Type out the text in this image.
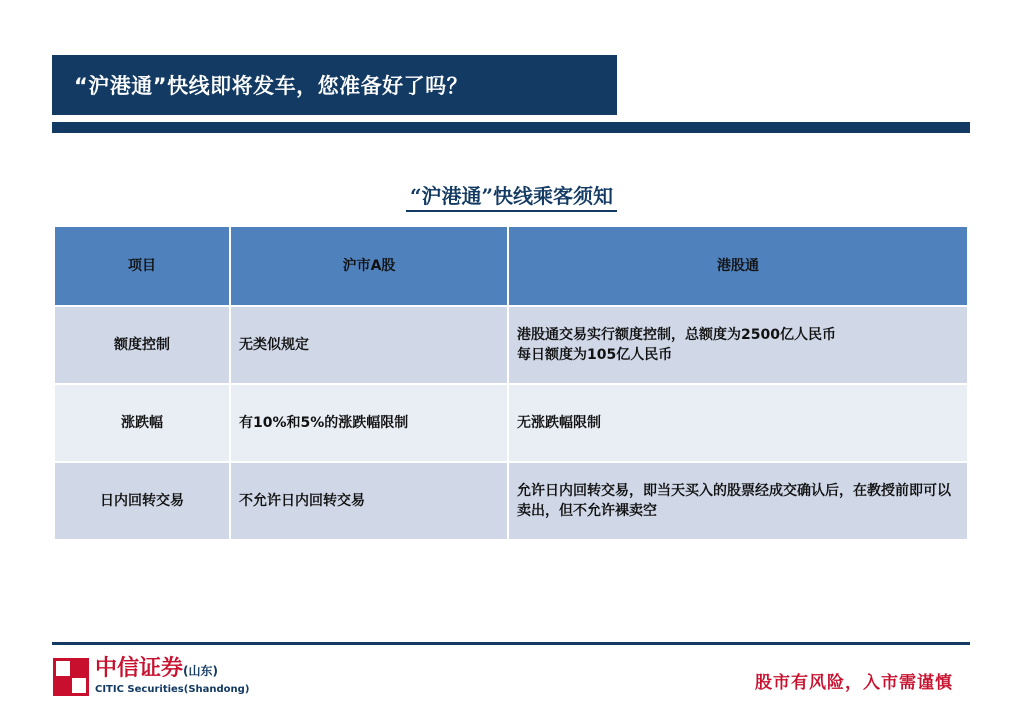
“沪港通”快线即将发车，您准备好了吗？
“沪港通”快线乘客须知
项目	沪市A股	港股通
额度控制	无类似规定	港股通交易实行额度控制，总额度为2500亿人民币
每日额度为105亿人民币
涨跌幅	有10%和5%的涨跌幅限制	无涨跌幅限制
日内回转交易	不允许日内回转交易	允许日内回转交易，即当天买入的股票经成交确认后，在教授前即可以卖出，但不允许裸卖空
中信证券(山东)
CITIC Securities(Shandong)	股市有风险，入市需谨慎
